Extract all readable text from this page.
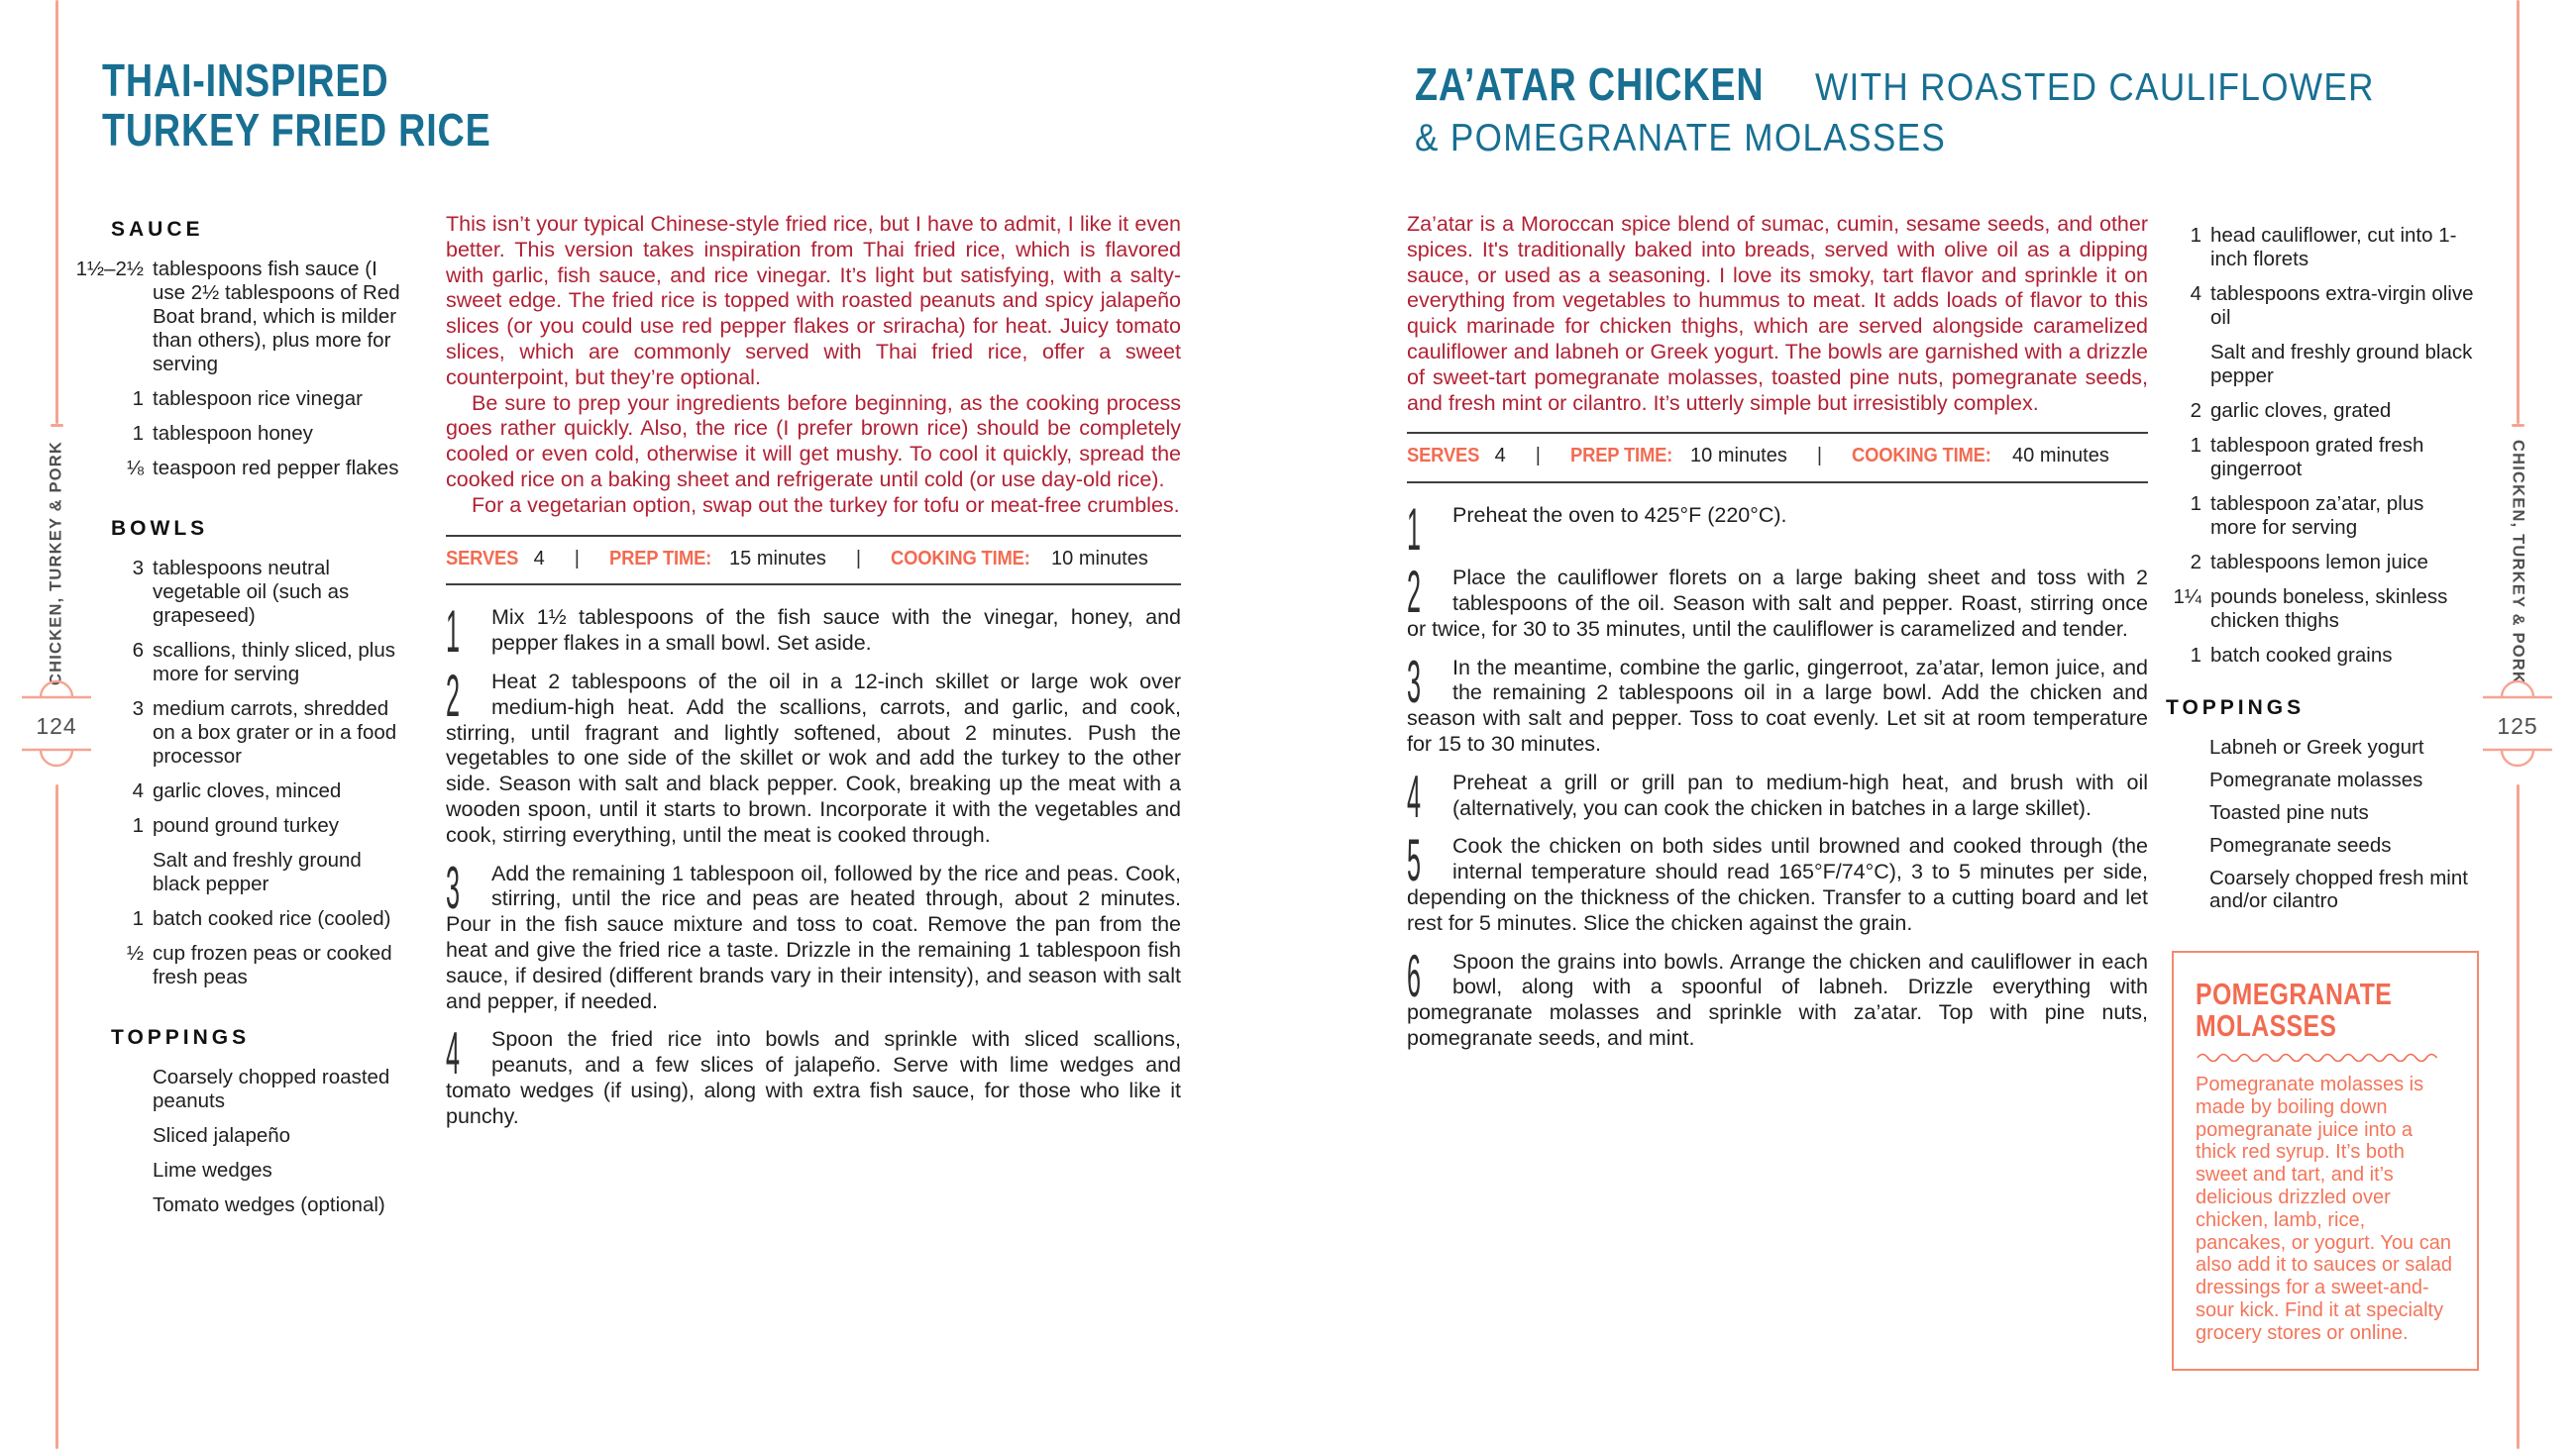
CHICKEN, TURKEY & PORK
124
CHICKEN, TURKEY & PORK
125
THAI-INSPIRED
TURKEY FRIED RICE
SAUCE
1½–2½ tablespoons fish sauce (I use 2½ tablespoons of Red Boat brand, which is milder than others), plus more for serving
1 tablespoon rice vinegar
1 tablespoon honey
⅛ teaspoon red pepper flakes
BOWLS
3 tablespoons neutral vegetable oil (such as grapeseed)
6 scallions, thinly sliced, plus more for serving
3 medium carrots, shredded on a box grater or in a food processor
4 garlic cloves, minced
1 pound ground turkey
Salt and freshly ground black pepper
1 batch cooked rice (cooled)
½ cup frozen peas or cooked fresh peas
TOPPINGS
Coarsely chopped roasted peanuts
Sliced jalapeño
Lime wedges
Tomato wedges (optional)

This isn’t your typical Chinese-style fried rice, but I have to admit, I like it even better. This version takes inspiration from Thai fried rice, which is flavored with garlic, fish sauce, and rice vinegar. It’s light but satisfying, with a salty-sweet edge. The fried rice is topped with roasted peanuts and spicy jalapeño slices (or you could use red pepper flakes or sriracha) for heat. Juicy tomato slices, which are commonly served with Thai fried rice, offer a sweet counterpoint, but they’re optional.

Be sure to prep your ingredients before beginning, as the cooking process goes rather quickly. Also, the rice (I prefer brown rice) should be completely cooled or even cold, otherwise it will get mushy. To cool it quickly, spread the cooked rice on a baking sheet and refrigerate until cold (or use day-old rice).

For a vegetarian option, swap out the turkey for tofu or meat-free crumbles.

SERVES 4 | PREP TIME: 15 minutes | COOKING TIME: 10 minutes
1	Mix 1½ tablespoons of the fish sauce with the vinegar, honey, and pepper flakes in a small bowl. Set aside.

2	Heat 2 tablespoons of the oil in a 12-inch skillet or large wok over medium-high heat. Add the scallions, carrots, and garlic, and cook, stirring, until fragrant and lightly softened, about 2 minutes. Push the vegetables to one side of the skillet or wok and add the turkey to the other side. Season with salt and black pepper. Cook, breaking up the meat with a wooden spoon, until it starts to brown. Incorporate it with the vegetables and cook, stirring everything, until the meat is cooked through.

3	Add the remaining 1 tablespoon oil, followed by the rice and peas. Cook, stirring, until the rice and peas are heated through, about 2 minutes. Pour in the fish sauce mixture and toss to coat. Remove the pan from the heat and give the fried rice a taste. Drizzle in the remaining 1 tablespoon fish sauce, if desired (different brands vary in their intensity), and season with salt and pepper, if needed.

4	Spoon the fried rice into bowls and sprinkle with sliced scallions, peanuts, and a few slices of jalapeño. Serve with lime wedges and tomato wedges (if using), along with extra fish sauce, for those who like it punchy.

ZA’ATAR CHICKEN WITH ROASTED CAULIFLOWER
& POMEGRANATE MOLASSES

Za’atar is a Moroccan spice blend of sumac, cumin, sesame seeds, and other spices. It's traditionally baked into breads, served with olive oil as a dipping sauce, or used as a seasoning. I love its smoky, tart flavor and sprinkle it on everything from vegetables to hummus to meat. It adds loads of flavor to this quick marinade for chicken thighs, which are served alongside caramelized cauliflower and labneh or Greek yogurt. The bowls are garnished with a drizzle of sweet-tart pomegranate molasses, toasted pine nuts, pomegranate seeds, and fresh mint or cilantro. It’s utterly simple but irresistibly complex.

SERVES 4 | PREP TIME: 10 minutes | COOKING TIME: 40 minutes
1	Preheat the oven to 425°F (220°C).

2	Place the cauliflower florets on a large baking sheet and toss with 2 tablespoons of the oil. Season with salt and pepper. Roast, stirring once or twice, for 30 to 35 minutes, until the cauliflower is caramelized and tender.

3	In the meantime, combine the garlic, gingerroot, za’atar, lemon juice, and the remaining 2 tablespoons oil in a large bowl. Add the chicken and season with salt and pepper. Toss to coat evenly. Let sit at room temperature for 15 to 30 minutes.

4	Preheat a grill or grill pan to medium-high heat, and brush with oil (alternatively, you can cook the chicken in batches in a large skillet).

5	Cook the chicken on both sides until browned and cooked through (the internal temperature should read 165°F/74°C), 3 to 5 minutes per side, depending on the thickness of the chicken. Transfer to a cutting board and let rest for 5 minutes. Slice the chicken against the grain.

6	Spoon the grains into bowls. Arrange the chicken and cauliflower in each bowl, along with a spoonful of labneh. Drizzle everything with pomegranate molasses and sprinkle with za’atar. Top with pine nuts, pomegranate seeds, and mint.

1 head cauliflower, cut into 1-inch florets
4 tablespoons extra-virgin olive oil
Salt and freshly ground black pepper
2 garlic cloves, grated
1 tablespoon grated fresh gingerroot
1 tablespoon za’atar, plus more for serving
2 tablespoons lemon juice
1¼ pounds boneless, skinless chicken thighs
1 batch cooked grains
TOPPINGS
Labneh or Greek yogurt
Pomegranate molasses
Toasted pine nuts
Pomegranate seeds
Coarsely chopped fresh mint and/or cilantro

POMEGRANATE

MOLASSES

Pomegranate molasses is made by boiling down pomegranate juice into a thick red syrup. It’s both sweet and tart, and it’s delicious drizzled over chicken, lamb, rice, pancakes, or yogurt. You can also add it to sauces or salad dressings for a sweet-and-sour kick. Find it at specialty grocery stores or online.
